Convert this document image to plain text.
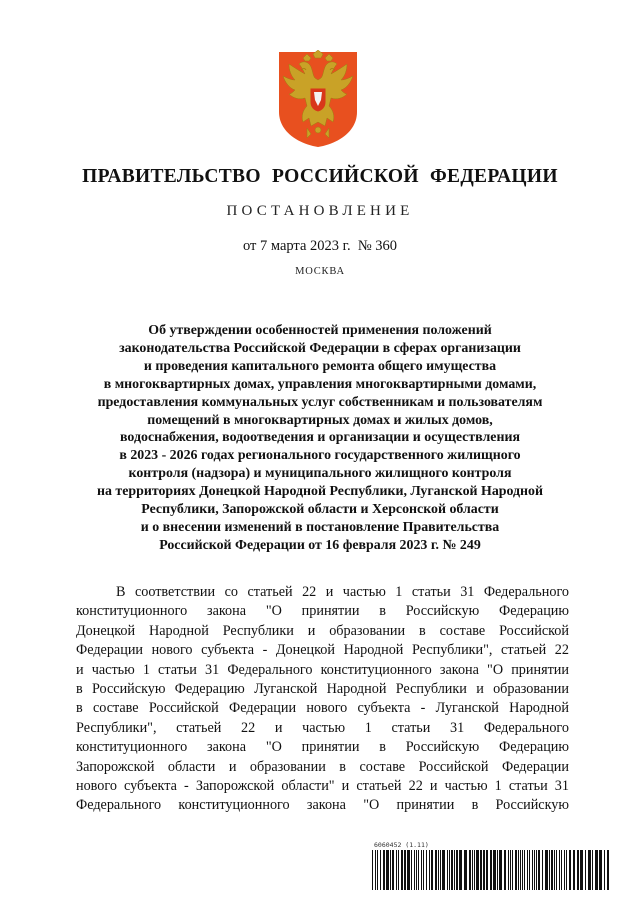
ПРАВИТЕЛЬСТВО РОССИЙСКОЙ ФЕДЕРАЦИИ
ПОСТАНОВЛЕНИЕ
от 7 марта 2023 г.  № 360
МОСКВА
Об утверждении особенностей применения положений
законодательства Российской Федерации в сферах организации
и проведения капитального ремонта общего имущества
в многоквартирных домах, управления многоквартирными домами,
предоставления коммунальных услуг собственникам и пользователям
помещений в многоквартирных домах и жилых домов,
водоснабжения, водоотведения и организации и осуществления
в 2023 - 2026 годах регионального государственного жилищного
контроля (надзора) и муниципального жилищного контроля
на территориях Донецкой Народной Республики, Луганской Народной
Республики, Запорожской области и Херсонской области
и о внесении изменений в постановление Правительства
Российской Федерации от 16 февраля 2023 г. № 249
В соответствии со статьей 22 и частью 1 статьи 31 Федерального
конституционного закона "О принятии в Российскую Федерацию
Донецкой Народной Республики и образовании в составе Российской
Федерации нового субъекта - Донецкой Народной Республики", статьей 22
и частью 1 статьи 31 Федерального конституционного закона "О принятии
в Российскую Федерацию Луганской Народной Республики и образовании
в составе Российской Федерации нового субъекта - Луганской Народной
Республики", статьей 22 и частью 1 статьи 31 Федерального
конституционного закона "О принятии в Российскую Федерацию
Запорожской области и образовании в составе Российской Федерации
нового субъекта - Запорожской области" и статьей 22 и частью 1 статьи 31
Федерального конституционного закона "О принятии в Российскую
6060452 (1.11)
